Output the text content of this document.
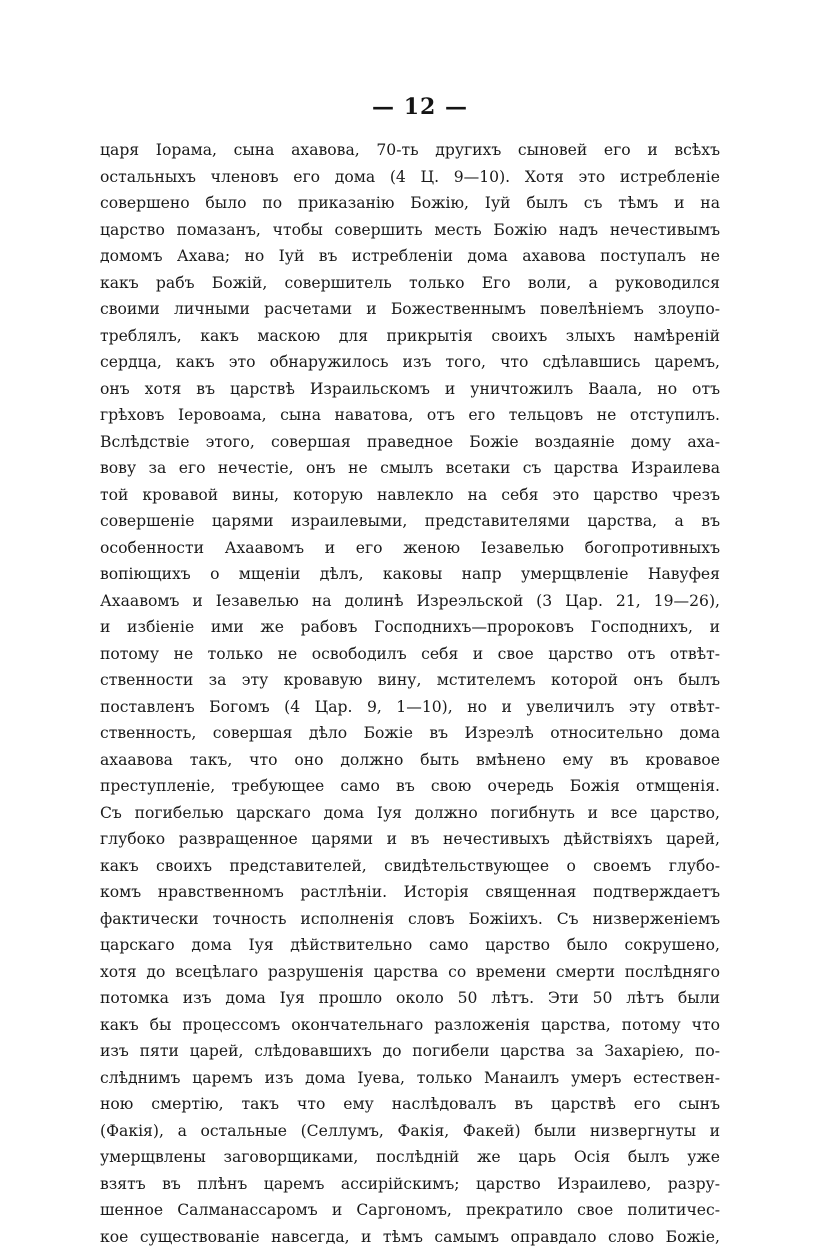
— 12 —
царя Іорама, сына ахавова, 70-ть другихъ сыновей его и всѣхъ
остальныхъ членовъ его дома (4 Ц. 9—10). Хотя это истребленіе
совершено было по приказанію Божію, Іуй былъ съ тѣмъ и на
царство помазанъ, чтобы совершить месть Божію надъ нечестивымъ
домомъ Ахава; но Іуй въ истребленіи дома ахавова поступалъ не
какъ рабъ Божій, совершитель только Его воли, а руководился
своими личными расчетами и Божественнымъ повелѣніемъ злоупо-
треблялъ, какъ маскою для прикрытія своихъ злыхъ намѣреній
сердца, какъ это обнаружилось изъ того, что сдѣлавшись царемъ,
онъ хотя въ царствѣ Израильскомъ и уничтожилъ Ваала, но отъ
грѣховъ Іеровоама, сына наватова, отъ его тельцовъ не отступилъ.
Вслѣдствіе этого, совершая праведное Божіе воздаяніе дому аха-
вову за его нечестіе, онъ не смылъ всетаки съ царства Израилева
той кровавой вины, которую навлекло на себя это царство чрезъ
совершеніе царями израилевыми, представителями царства, а въ
особенности Ахаавомъ и его женою Іезавелью богопротивныхъ
вопіющихъ о мщеніи дѣлъ, каковы напр умерщвленіе Навуфея
Ахаавомъ и Іезавелью на долинѣ Изреэльской (3 Цар. 21, 19—26),
и избіеніе ими же рабовъ Господнихъ—пророковъ Господнихъ, и
потому не только не освободилъ себя и свое царство отъ отвѣт-
ственности за эту кровавую вину, мстителемъ которой онъ былъ
поставленъ Богомъ (4 Цар. 9, 1—10), но и увеличилъ эту отвѣт-
ственность, совершая дѣло Божіе въ Изреэлѣ относительно дома
ахаавова такъ, что оно должно быть вмѣнено ему въ кровавое
преступленіе, требующее само въ свою очередь Божія отмщенія.
Съ погибелью царскаго дома Іуя должно погибнуть и все царство,
глубоко развращенное царями и въ нечестивыхъ дѣйствіяхъ царей,
какъ своихъ представителей, свидѣтельствующее о своемъ глубо-
комъ нравственномъ растлѣніи. Исторія священная подтверждаетъ
фактически точность исполненія словъ Божіихъ. Съ низверженіемъ
царскаго дома Іуя дѣйствительно само царство было сокрушено,
хотя до всецѣлаго разрушенія царства со времени смерти послѣдняго
потомка изъ дома Іуя прошло около 50 лѣтъ. Эти 50 лѣтъ были
какъ бы процессомъ окончательнаго разложенія царства, потому что
изъ пяти царей, слѣдовавшихъ до погибели царства за Захаріею, по-
слѣднимъ царемъ изъ дома Іуева, только Манаилъ умеръ естествен-
ною смертію, такъ что ему наслѣдовалъ въ царствѣ его сынъ
(Факія), а остальные (Селлумъ, Факія, Факей) были низвергнуты и
умерщвлены заговорщиками, послѣдній же царь Осія былъ уже
взятъ въ плѣнъ царемъ ассирійскимъ; царство Израилево, разру-
шенное Салманассаромъ и Саргономъ, прекратило свое политичес-
кое существованіе навсегда, и тѣмъ самымъ оправдало слово Божіе,
